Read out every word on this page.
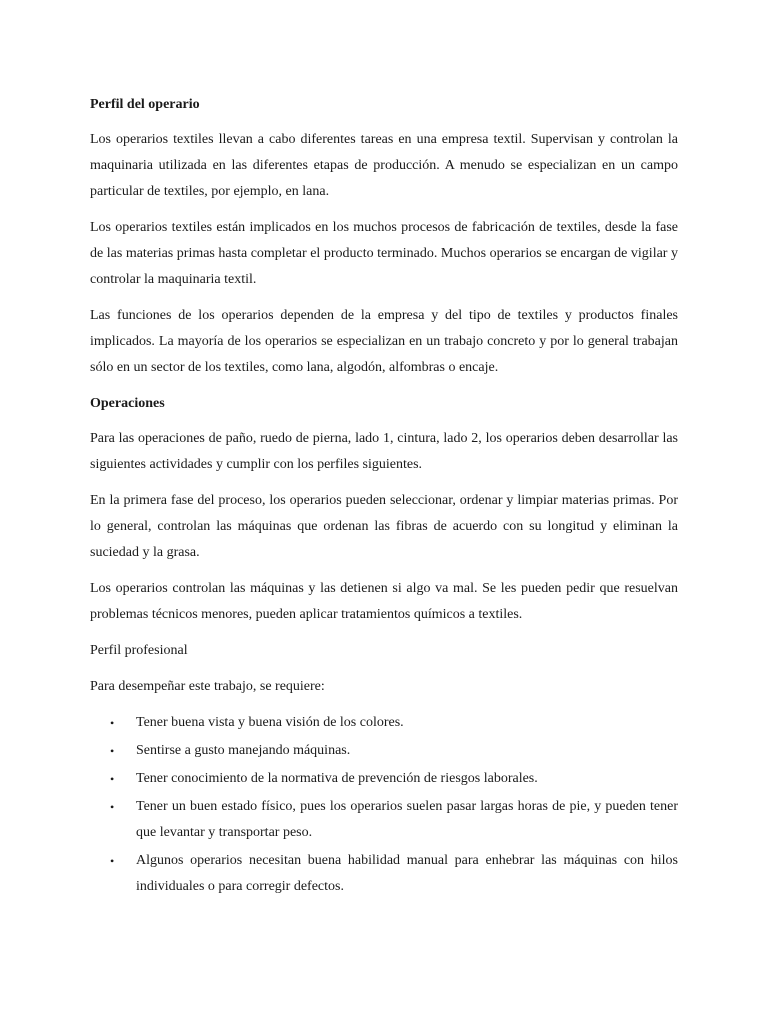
Perfil del operario

Los operarios textiles llevan a cabo diferentes tareas en una empresa textil. Supervisan y controlan la maquinaria utilizada en las diferentes etapas de producción. A menudo se especializan en un campo particular de textiles, por ejemplo, en lana.

Los operarios textiles están implicados en los muchos procesos de fabricación de textiles, desde la fase de las materias primas hasta completar el producto terminado. Muchos operarios se encargan de vigilar y controlar la maquinaria textil.

Las funciones de los operarios dependen de la empresa y del tipo de textiles y productos finales implicados. La mayoría de los operarios se especializan en un trabajo concreto y por lo general trabajan sólo en un sector de los textiles, como lana, algodón, alfombras o encaje.

Operaciones

Para las operaciones de paño, ruedo de pierna, lado 1, cintura, lado 2, los operarios deben desarrollar las siguientes actividades y cumplir con los perfiles siguientes.

En la primera fase del proceso, los operarios pueden seleccionar, ordenar y limpiar materias primas. Por lo general, controlan las máquinas que ordenan las fibras de acuerdo con su longitud y eliminan la suciedad y la grasa.

Los operarios controlan las máquinas y las detienen si algo va mal. Se les pueden pedir que resuelvan problemas técnicos menores, pueden aplicar tratamientos químicos a textiles.

Perfil profesional

Para desempeñar este trabajo, se requiere:

• Tener buena vista y buena visión de los colores.
• Sentirse a gusto manejando máquinas.
• Tener conocimiento de la normativa de prevención de riesgos laborales.
• Tener un buen estado físico, pues los operarios suelen pasar largas horas de pie, y pueden tener que levantar y transportar peso.
• Algunos operarios necesitan buena habilidad manual para enhebrar las máquinas con hilos individuales o para corregir defectos.
